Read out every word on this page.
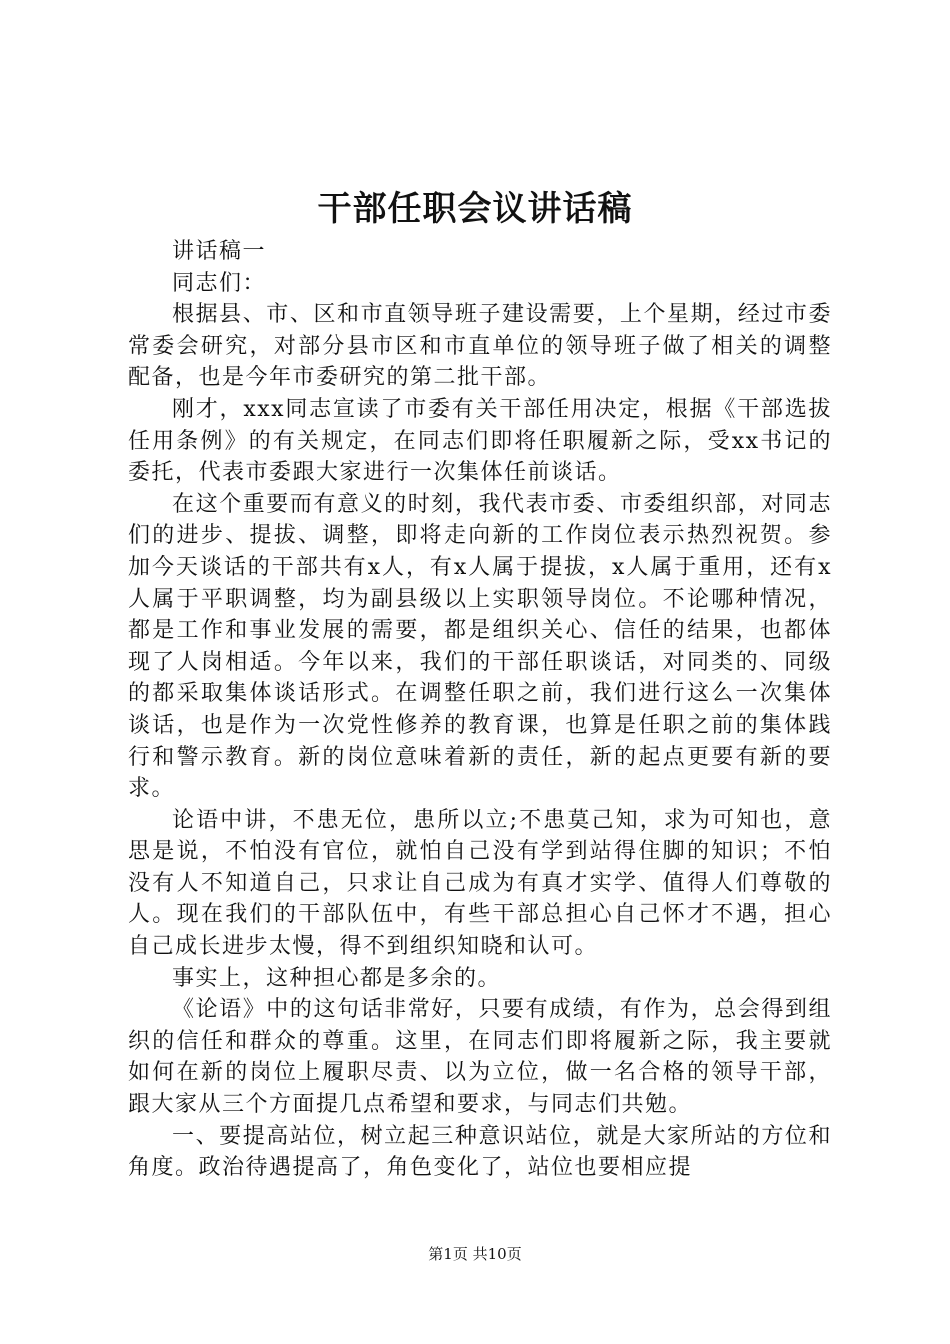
干部任职会议讲话稿

讲话稿一

同志们：

根据县、市、区和市直领导班子建设需要，上个星期，经过市委常委会研究，对部分县市区和市直单位的领导班子做了相关的调整配备，也是今年市委研究的第二批干部。

刚才，xxx同志宣读了市委有关干部任用决定，根据《干部选拔任用条例》的有关规定，在同志们即将任职履新之际，受xx书记的委托，代表市委跟大家进行一次集体任前谈话。

在这个重要而有意义的时刻，我代表市委、市委组织部，对同志们的进步、提拔、调整，即将走向新的工作岗位表示热烈祝贺。参加今天谈话的干部共有x人，有x人属于提拔，x人属于重用，还有x人属于平职调整，均为副县级以上实职领导岗位。不论哪种情况，都是工作和事业发展的需要，都是组织关心、信任的结果，也都体现了人岗相适。今年以来，我们的干部任职谈话，对同类的、同级的都采取集体谈话形式。在调整任职之前，我们进行这么一次集体谈话，也是作为一次党性修养的教育课，也算是任职之前的集体践行和警示教育。新的岗位意味着新的责任，新的起点更要有新的要求。

论语中讲，不患无位，患所以立;不患莫己知，求为可知也，意思是说，不怕没有官位，就怕自己没有学到站得住脚的知识；不怕没有人不知道自己，只求让自己成为有真才实学、值得人们尊敬的人。现在我们的干部队伍中，有些干部总担心自己怀才不遇，担心自己成长进步太慢，得不到组织知晓和认可。

事实上，这种担心都是多余的。

《论语》中的这句话非常好，只要有成绩，有作为，总会得到组织的信任和群众的尊重。这里，在同志们即将履新之际，我主要就如何在新的岗位上履职尽责、以为立位，做一名合格的领导干部，跟大家从三个方面提几点希望和要求，与同志们共勉。

一、要提高站位，树立起三种意识站位，就是大家所站的方位和角度。政治待遇提高了，角色变化了，站位也要相应提

第1页 共10页
